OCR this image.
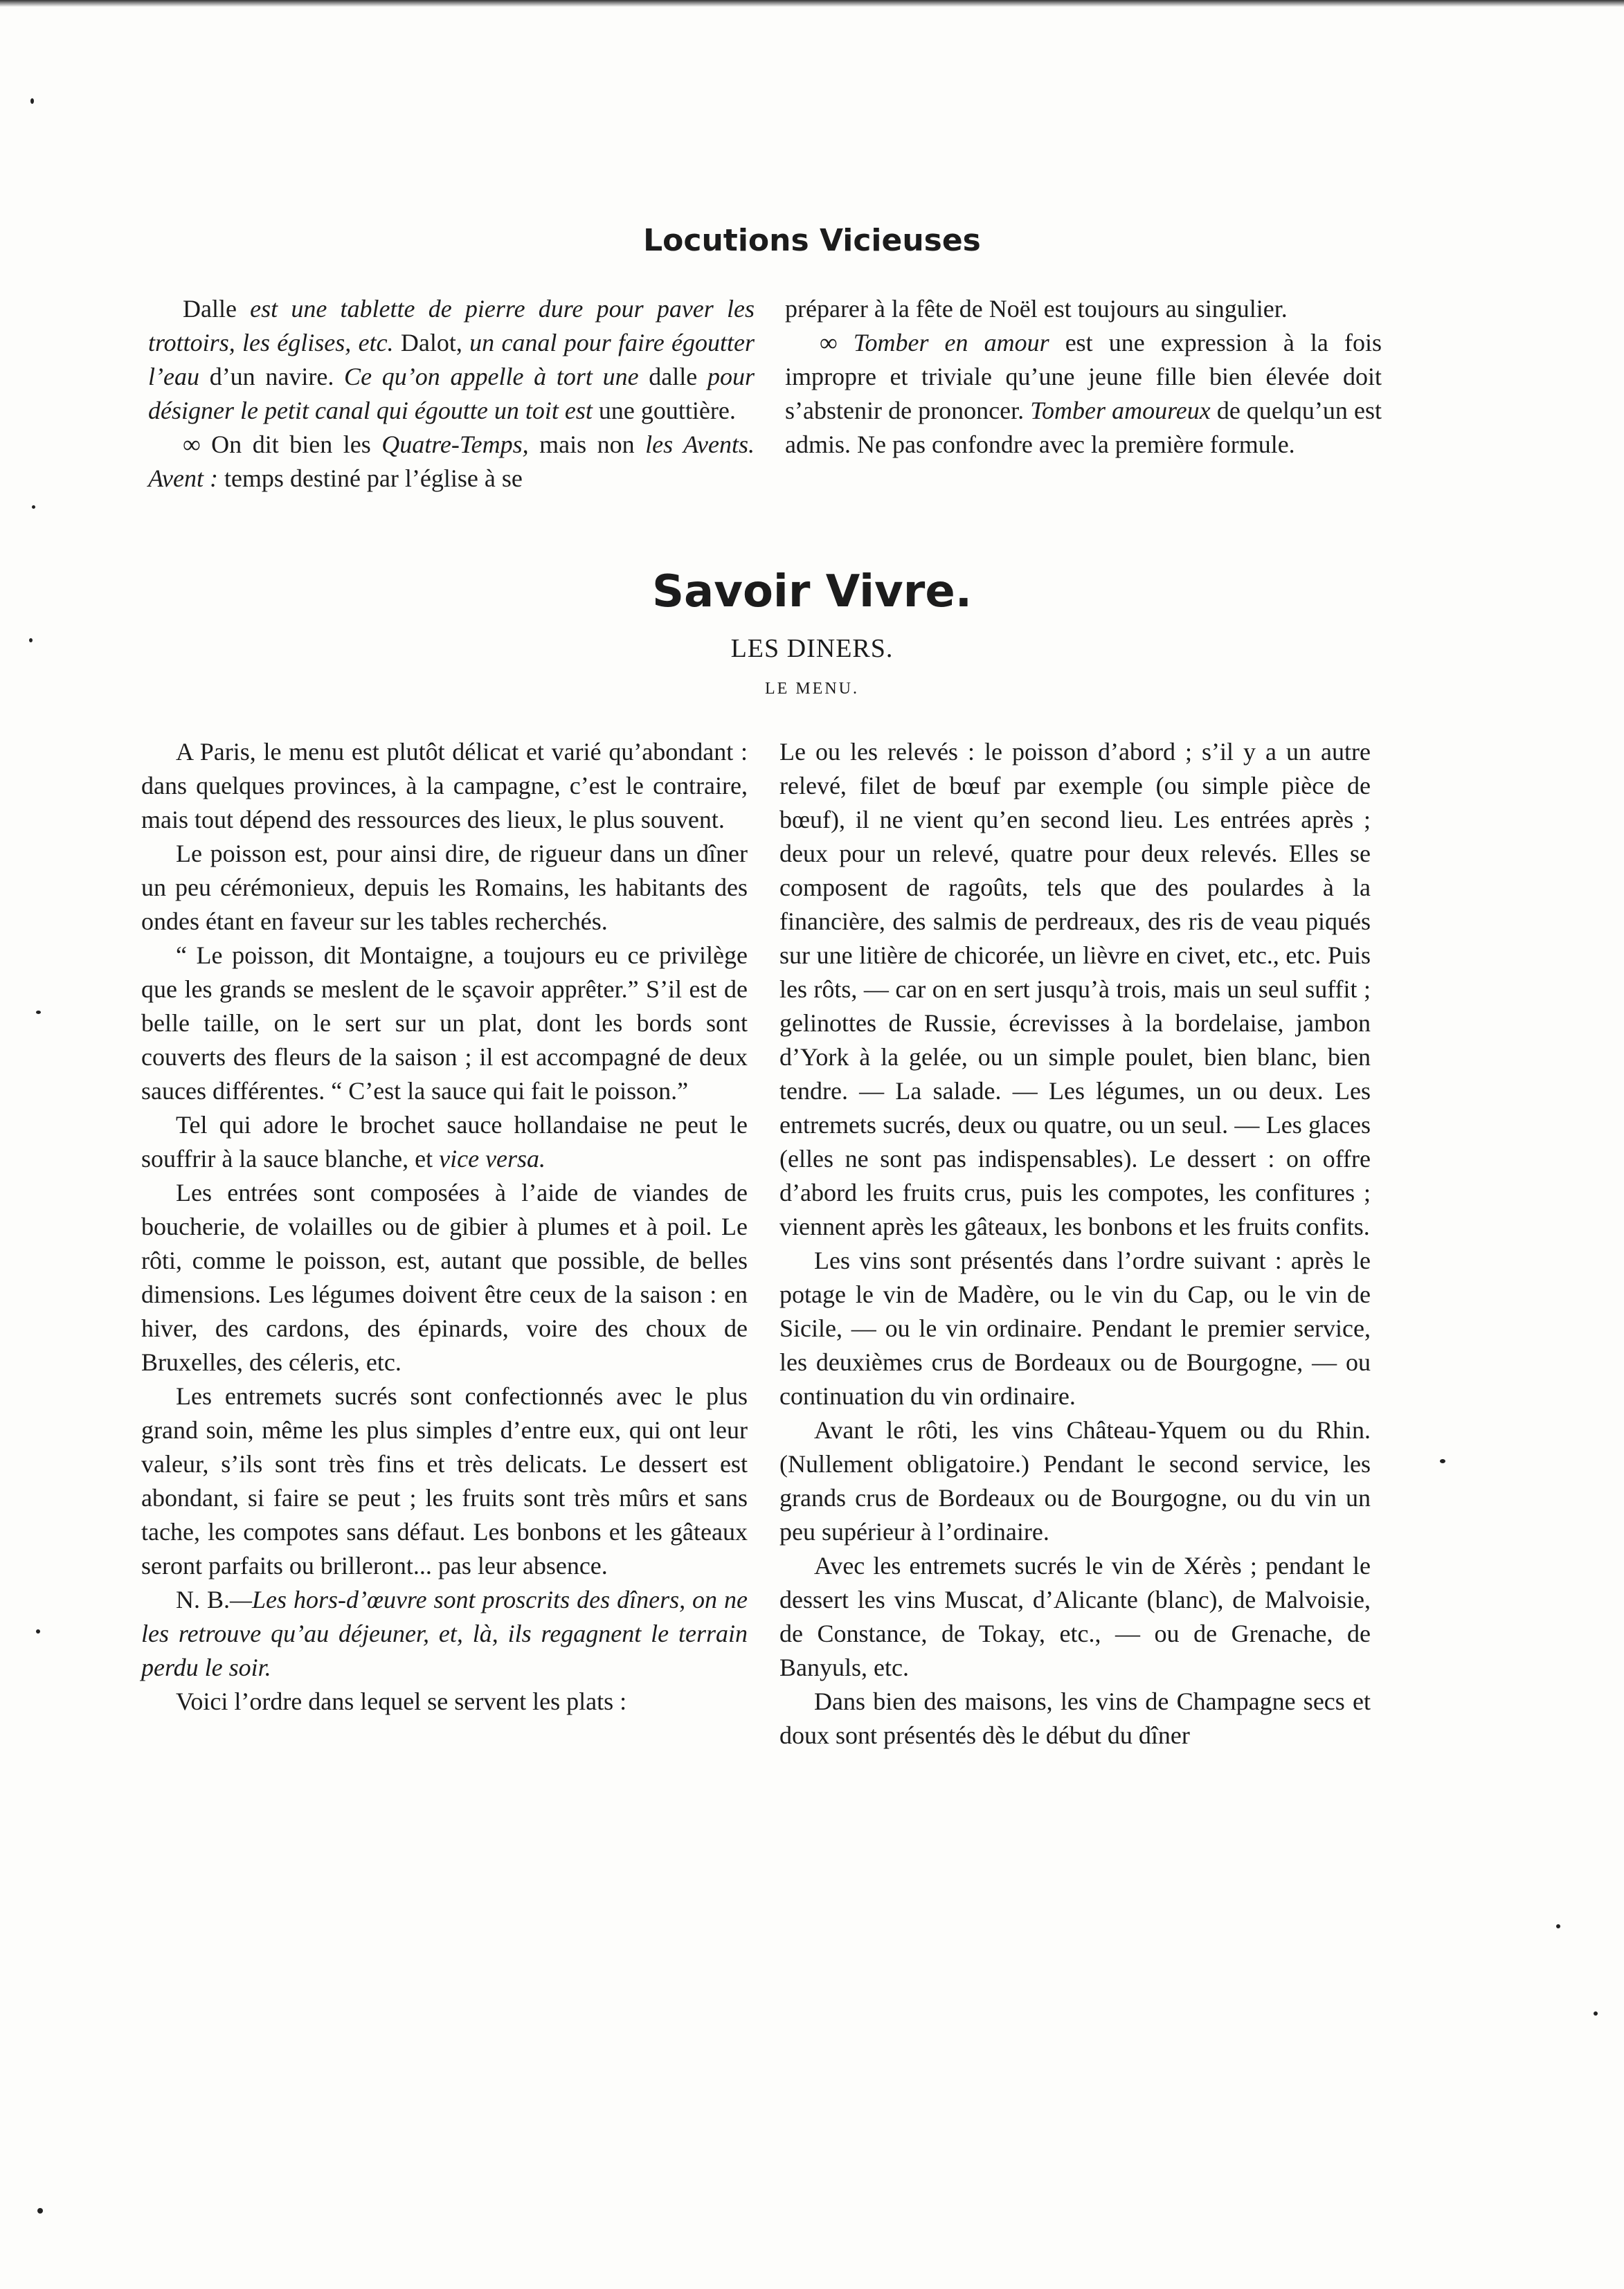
Locutions Vicieuses

Dalle est une tablette de pierre dure pour paver les trottoirs, les églises, etc. Dalot, un canal pour faire égoutter l’eau d’un navire. Ce qu’on appelle à tort une dalle pour désigner le petit canal qui égoutte un toit est une gouttière.

∞ On dit bien les Quatre-Temps, mais non les Avents. Avent : temps destiné par l’église à se

préparer à la fête de Noël est toujours au singulier.

∞ Tomber en amour est une expression à la fois impropre et triviale qu’une jeune fille bien élevée doit s’abstenir de prononcer. Tomber amoureux de quelqu’un est admis. Ne pas confondre avec la première formule.

Savoir Vivre.
LES DINERS.
LE MENU.

A Paris, le menu est plutôt délicat et varié qu’abondant : dans quelques provinces, à la campagne, c’est le contraire, mais tout dépend des ressources des lieux, le plus souvent.

Le poisson est, pour ainsi dire, de rigueur dans un dîner un peu cérémonieux, depuis les Romains, les habitants des ondes étant en faveur sur les tables recherchés.

“ Le poisson, dit Montaigne, a toujours eu ce privilège que les grands se meslent de le sçavoir apprêter.” S’il est de belle taille, on le sert sur un plat, dont les bords sont couverts des fleurs de la saison ; il est accompagné de deux sauces différentes. “ C’est la sauce qui fait le poisson.”

Tel qui adore le brochet sauce hollandaise ne peut le souffrir à la sauce blanche, et vice versa.

Les entrées sont composées à l’aide de viandes de boucherie, de volailles ou de gibier à plumes et à poil. Le rôti, comme le poisson, est, autant que possible, de belles dimensions. Les légumes doivent être ceux de la saison : en hiver, des cardons, des épinards, voire des choux de Bruxelles, des céleris, etc.

Les entremets sucrés sont confectionnés avec le plus grand soin, même les plus simples d’entre eux, qui ont leur valeur, s’ils sont très fins et très delicats. Le dessert est abondant, si faire se peut ; les fruits sont très mûrs et sans tache, les compotes sans défaut. Les bonbons et les gâteaux seront parfaits ou brilleront... pas leur absence.

N. B.—Les hors-d’œuvre sont proscrits des dîners, on ne les retrouve qu’au déjeuner, et, là, ils regagnent le terrain perdu le soir.

Voici l’ordre dans lequel se servent les plats :

Le ou les relevés : le poisson d’abord ; s’il y a un autre relevé, filet de bœuf par exemple (ou simple pièce de bœuf), il ne vient qu’en second lieu. Les entrées après ; deux pour un relevé, quatre pour deux relevés. Elles se composent de ragoûts, tels que des poulardes à la financière, des salmis de perdreaux, des ris de veau piqués sur une litière de chicorée, un lièvre en civet, etc., etc. Puis les rôts, — car on en sert jusqu’à trois, mais un seul suffit ; gelinottes de Russie, écrevisses à la bordelaise, jambon d’York à la gelée, ou un simple poulet, bien blanc, bien tendre. — La salade. — Les légumes, un ou deux. Les entremets sucrés, deux ou quatre, ou un seul. — Les glaces (elles ne sont pas indispensables). Le dessert : on offre d’abord les fruits crus, puis les compotes, les confitures ; viennent après les gâteaux, les bonbons et les fruits confits.

Les vins sont présentés dans l’ordre suivant : après le potage le vin de Madère, ou le vin du Cap, ou le vin de Sicile, — ou le vin ordinaire. Pendant le premier service, les deuxièmes crus de Bordeaux ou de Bourgogne, — ou continuation du vin ordinaire.

Avant le rôti, les vins Château-Yquem ou du Rhin. (Nullement obligatoire.) Pendant le second service, les grands crus de Bordeaux ou de Bourgogne, ou du vin un peu supérieur à l’ordinaire.

Avec les entremets sucrés le vin de Xérès ; pendant le dessert les vins Muscat, d’Alicante (blanc), de Malvoisie, de Constance, de Tokay, etc., — ou de Grenache, de Banyuls, etc.

Dans bien des maisons, les vins de Champagne secs et doux sont présentés dès le début du dîner
